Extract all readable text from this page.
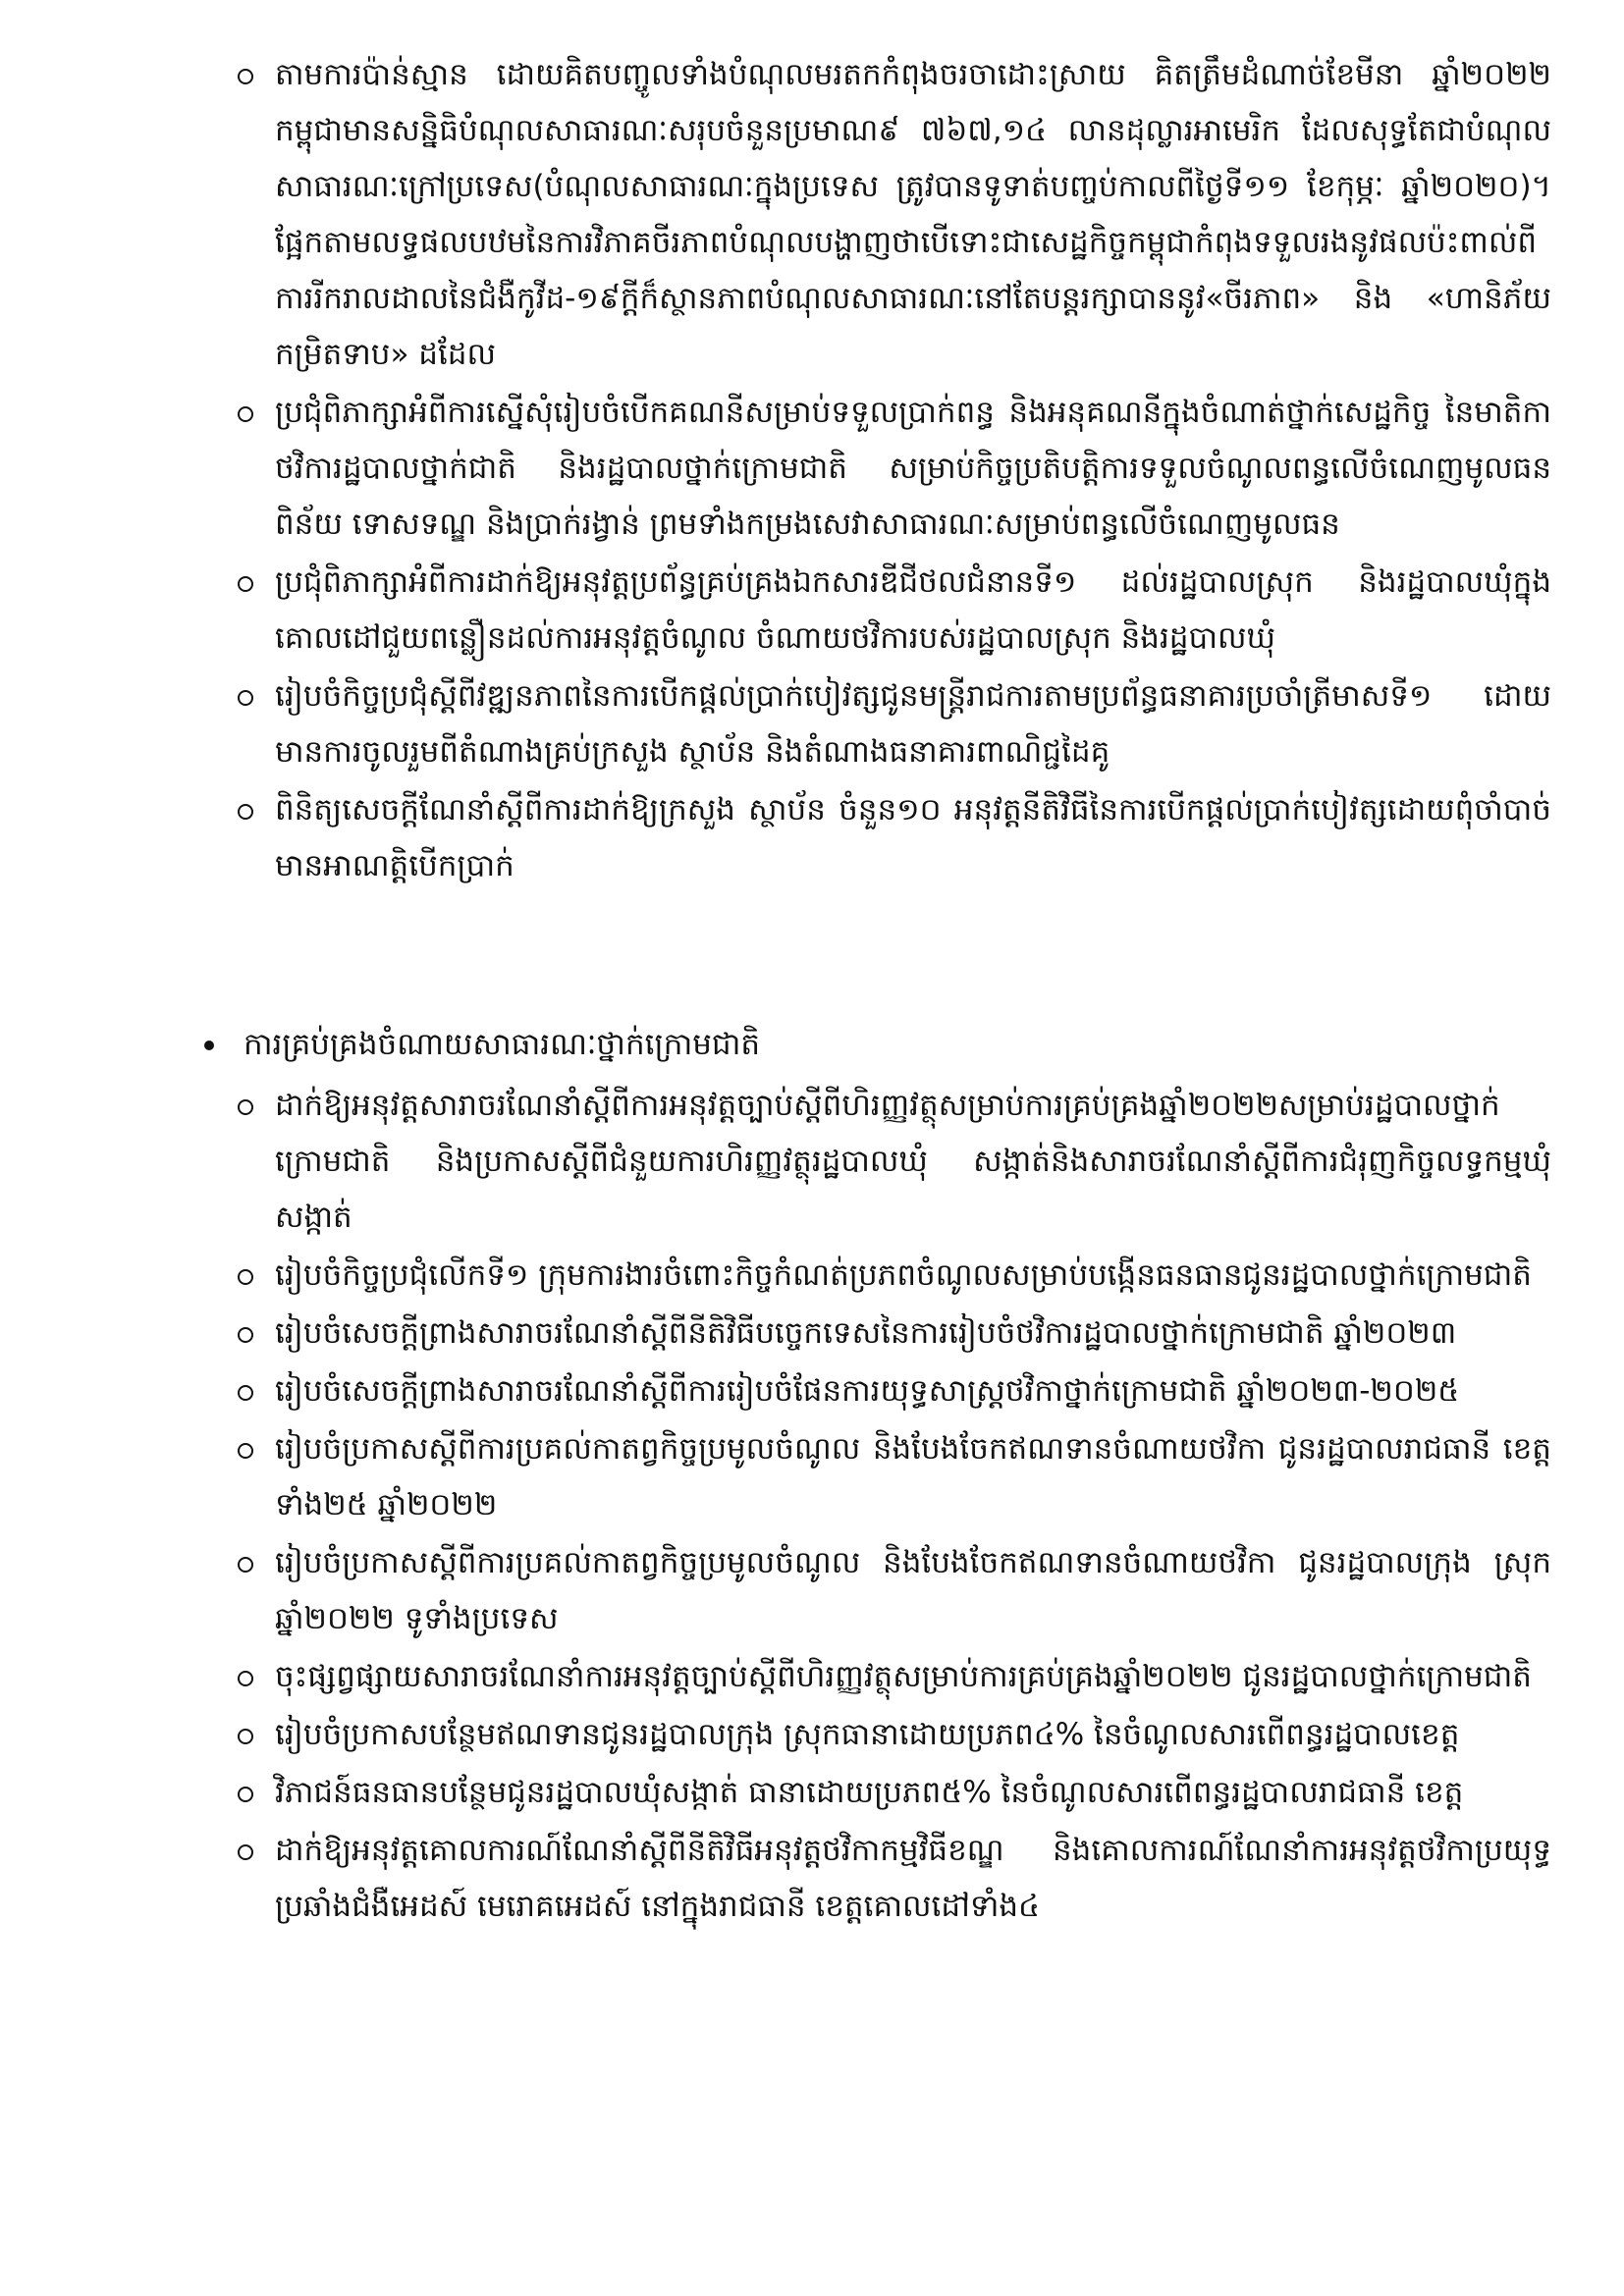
តាមការប៉ាន់ស្មាន ដោយគិតបញ្ចូលទាំងបំណុលមរតកកំពុងចរចាដោះស្រាយ គិតត្រឹមដំណាច់ខែមីនា ឆ្នាំ២០២២ កម្ពុជាមានសន្និធិបំណុលសាធារណៈសរុបចំនួនប្រមាណ៩ ៧៦៧,១៤ លានដុល្លារអាមេរិក ដែលសុទ្ធតែជាបំណុលសាធារណៈក្រៅប្រទេស(បំណុលសាធារណៈក្នុងប្រទេស ត្រូវបានទូទាត់បញ្ចប់កាលពីថ្ងៃទី១១ ខែកុម្ភៈ ឆ្នាំ២០២០)។ ផ្អែកតាមលទ្ធផលបឋមនៃការវិភាគចីរភាពបំណុលបង្ហាញថាបើទោះជាសេដ្ឋកិច្ចកម្ពុជាកំពុងទទួលរងនូវផលប៉ះពាល់ពីការរីករាលដាលនៃជំងឺកូវីដ-១៩ក្ដីក៏ស្ថានភាពបំណុលសាធារណៈនៅតែបន្តរក្សាបាននូវ«ចីរភាព» និង «ហានិភ័យកម្រិតទាប» ដដែល
ប្រជុំពិភាក្សាអំពីការស្នើសុំរៀបចំបើកគណនីសម្រាប់ទទួលប្រាក់ពន្ធ និងអនុគណនីក្នុងចំណាត់ថ្នាក់សេដ្ឋកិច្ច នៃមាតិកាថវិការដ្ឋបាលថ្នាក់ជាតិ និងរដ្ឋបាលថ្នាក់ក្រោមជាតិ សម្រាប់កិច្ចប្រតិបត្តិការទទួលចំណូលពន្ធលើចំណេញមូលធន ពិន័យ ទោសទណ្ឌ និងប្រាក់រង្វាន់ ព្រមទាំងកម្រងសេវាសាធារណៈសម្រាប់ពន្ធលើចំណេញមូលធន
ប្រជុំពិភាក្សាអំពីការដាក់ឱ្យអនុវត្តប្រព័ន្ធគ្រប់គ្រងឯកសារឌីជីថលជំនានទី១ ដល់រដ្ឋបាលស្រុក និងរដ្ឋបាលឃុំក្នុងគោលដៅជួយពន្លឿនដល់ការអនុវត្តចំណូល ចំណាយថវិការបស់រដ្ឋបាលស្រុក និងរដ្ឋបាលឃុំ
រៀបចំកិច្ចប្រជុំស្ដីពីវឌ្ឍនភាពនៃការបើកផ្ដល់ប្រាក់បៀវត្សជូនមន្ត្រីរាជការតាមប្រព័ន្ធធនាគារប្រចាំត្រីមាសទី១ ដោយមានការចូលរួមពីតំណាងគ្រប់ក្រសួង ស្ថាប័ន និងតំណាងធនាគារពាណិជ្ជដៃគូ
ពិនិត្យសេចក្ដីណែនាំស្ដីពីការដាក់ឱ្យក្រសួង ស្ថាប័ន ចំនួន១០ អនុវត្តនីតិវិធីនៃការបើកផ្ដល់ប្រាក់បៀវត្សដោយពុំចាំបាច់មានអាណត្តិបើកប្រាក់
ការគ្រប់គ្រងចំណាយសាធារណៈថ្នាក់ក្រោមជាតិ
ដាក់ឱ្យអនុវត្តសារាចរណែនាំស្ដីពីការអនុវត្តច្បាប់ស្ដីពីហិរញ្ញវត្ថុសម្រាប់ការគ្រប់គ្រងឆ្នាំ២០២២សម្រាប់រដ្ឋបាលថ្នាក់ក្រោមជាតិ និងប្រកាសស្ដីពីជំនួយការហិរញ្ញវត្ថុរដ្ឋបាលឃុំ សង្កាត់និងសារាចរណែនាំស្ដីពីការជំរុញកិច្ចលទ្ធកម្មឃុំសង្កាត់
រៀបចំកិច្ចប្រជុំលើកទី១ ក្រុមការងារចំពោះកិច្ចកំណត់ប្រភពចំណូលសម្រាប់បង្កើនធនធានជូនរដ្ឋបាលថ្នាក់ក្រោមជាតិ
រៀបចំសេចក្ដីព្រាងសារាចរណែនាំស្ដីពីនីតិវិធីបច្ចេកទេសនៃការរៀបចំថវិការដ្ឋបាលថ្នាក់ក្រោមជាតិ ឆ្នាំ២០២៣
រៀបចំសេចក្ដីព្រាងសារាចរណែនាំស្ដីពីការរៀបចំផែនការយុទ្ធសាស្ត្រថវិកាថ្នាក់ក្រោមជាតិ ឆ្នាំ២០២៣-២០២៥
រៀបចំប្រកាសស្ដីពីការប្រគល់កាតព្វកិច្ចប្រមូលចំណូល និងបែងចែកឥណទានចំណាយថវិកា ជូនរដ្ឋបាលរាជធានី ខេត្តទាំង២៥ ឆ្នាំ២០២២
រៀបចំប្រកាសស្ដីពីការប្រគល់កាតព្វកិច្ចប្រមូលចំណូល និងបែងចែកឥណទានចំណាយថវិកា ជូនរដ្ឋបាលក្រុង ស្រុក ឆ្នាំ២០២២ ទូទាំងប្រទេស
ចុះផ្សព្វផ្សាយសារាចរណែនាំការអនុវត្តច្បាប់ស្ដីពីហិរញ្ញវត្ថុសម្រាប់ការគ្រប់គ្រងឆ្នាំ២០២២ ជូនរដ្ឋបាលថ្នាក់ក្រោមជាតិ
រៀបចំប្រកាសបន្ថែមឥណទានជូនរដ្ឋបាលក្រុង ស្រុកធានាដោយប្រភព៤% នៃចំណូលសារពើពន្ធរដ្ឋបាលខេត្ត
វិភាជន៍ធនធានបន្ថែមជូនរដ្ឋបាលឃុំសង្កាត់ ធានាដោយប្រភព៥% នៃចំណូលសារពើពន្ធរដ្ឋបាលរាជធានី ខេត្ត
ដាក់ឱ្យអនុវត្តគោលការណ៍ណែនាំស្ដីពីនីតិវិធីអនុវត្តថវិកាកម្មវិធីខណ្ឌ និងគោលការណ៍ណែនាំការអនុវត្តថវិកាប្រយុទ្ធប្រឆាំងជំងឺអេដស៍ មេរោគអេដស៍ នៅក្នុងរាជធានី ខេត្តគោលដៅទាំង៤
